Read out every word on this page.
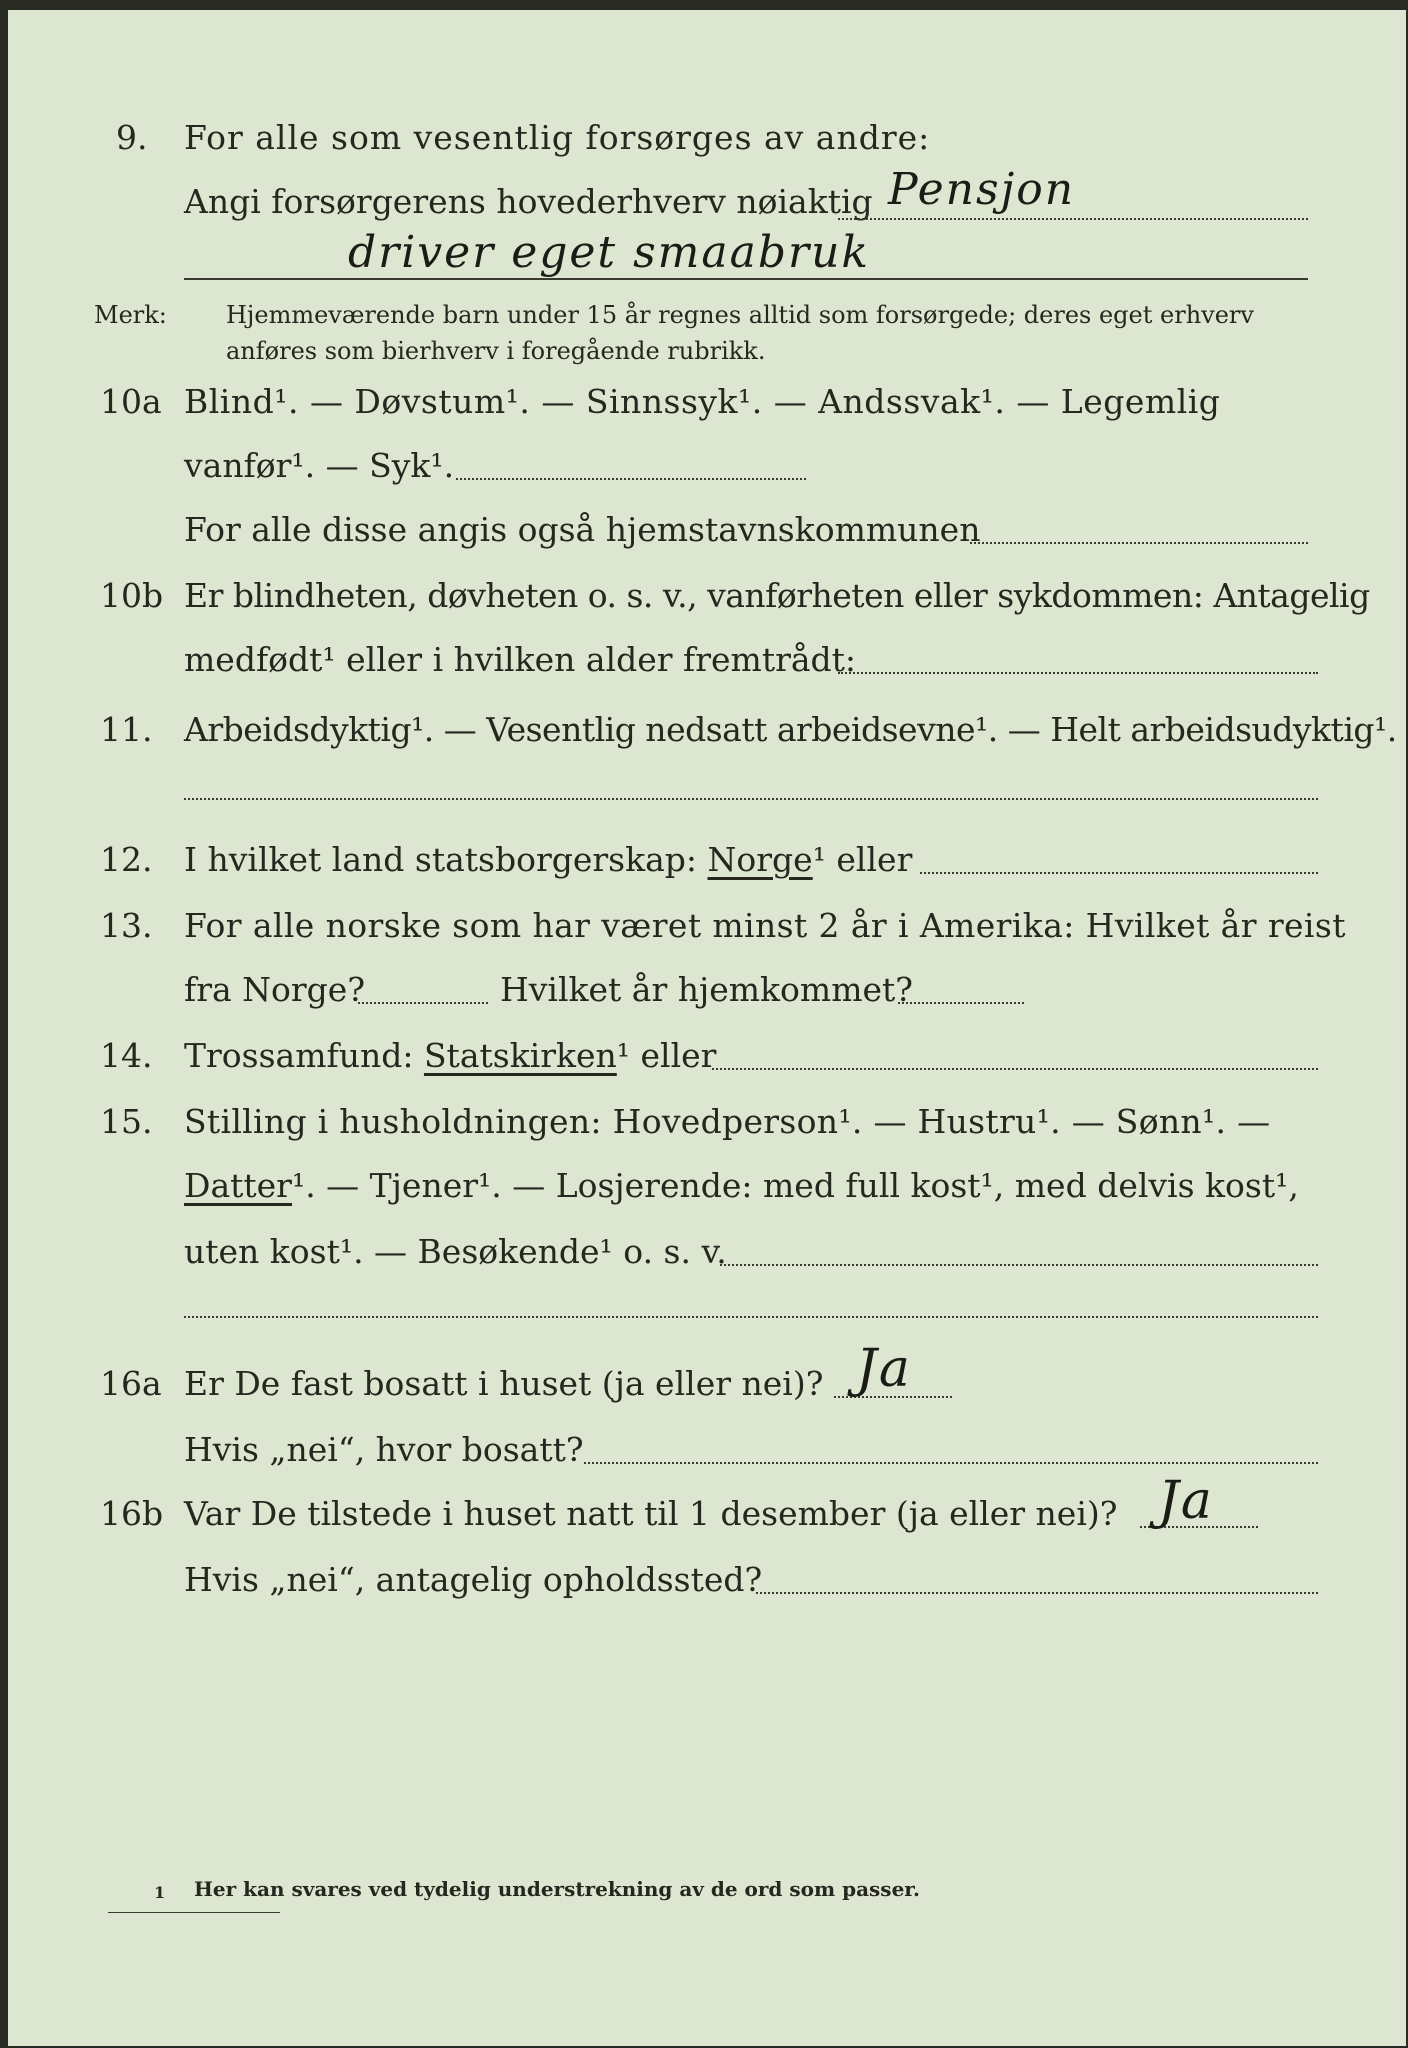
9. For alle som vesentlig forsørges av andre:
Angi forsørgerens hovederhverv nøiaktig Pensjon
driver eget smaabruk
Merk: Hjemmeværende barn under 15 år regnes alltid som forsørgede; deres eget erhverv
anføres som bierhverv i foregående rubrikk.
10a Blind¹. — Døvstum¹. — Sinnssyk¹. — Andssvak¹. — Legemlig
vanfør¹. — Syk¹.
For alle disse angis også hjemstavnskommunen
10b Er blindheten, døvheten o. s. v., vanførheten eller sykdommen: Antagelig
medfødt¹ eller i hvilken alder fremtrådt:
11. Arbeidsdyktig¹. — Vesentlig nedsatt arbeidsevne¹. — Helt arbeidsudyktig¹.
12. I hvilket land statsborgerskap: Norge¹ eller
13. For alle norske som har været minst 2 år i Amerika: Hvilket år reist
fra Norge?	Hvilket år hjemkommet?
14. Trossamfund: Statskirken¹ eller
15. Stilling i husholdningen: Hovedperson¹. — Hustru¹. — Sønn¹. —
Datter¹. — Tjener¹. — Losjerende: med full kost¹, med delvis kost¹,
uten kost¹. — Besøkende¹ o. s. v.
16a Er De fast bosatt i huset (ja eller nei)? Ja
Hvis „nei“, hvor bosatt?
16b Var De tilstede i huset natt til 1 desember (ja eller nei)? Ja
Hvis „nei“, antagelig opholdssted?
1 Her kan svares ved tydelig understrekning av de ord som passer.
